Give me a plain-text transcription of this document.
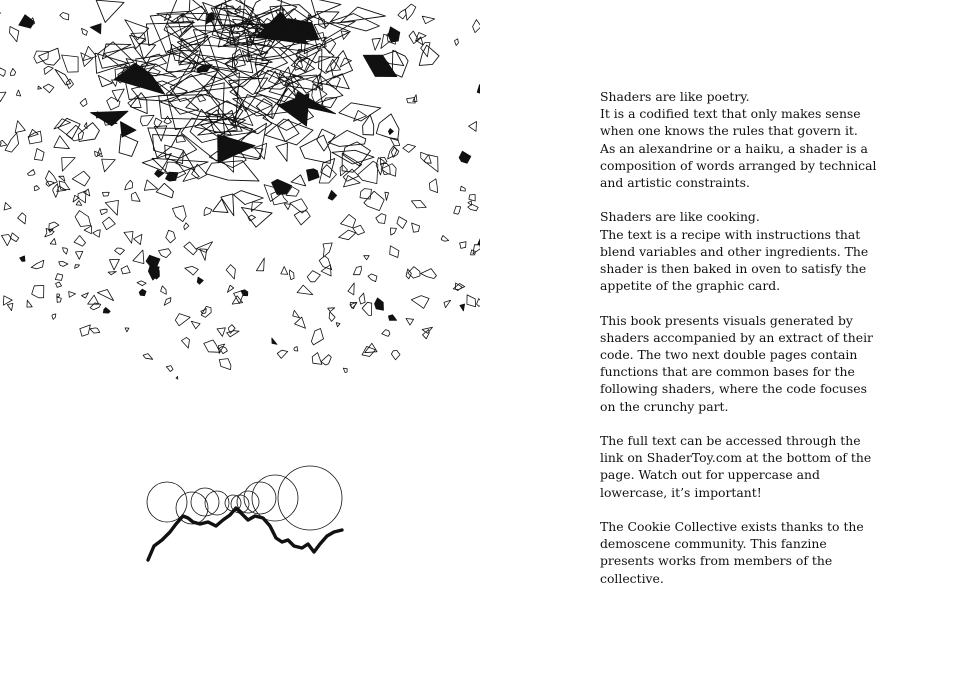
Shaders are like poetry.
It is a codified text that only makes sense
when one knows the rules that govern it.
As an alexandrine or a haiku, a shader is a
composition of words arranged by technical
and artistic constraints.

Shaders are like cooking.
The text is a recipe with instructions that
blend variables and other ingredients. The
shader is then baked in oven to satisfy the
appetite of the graphic card.

This book presents visuals generated by
shaders accompanied by an extract of their
code. The two next double pages contain
functions that are common bases for the
following shaders, where the code focuses
on the crunchy part.

The full text can be accessed through the
link on ShaderToy.com at the bottom of the
page. Watch out for uppercase and
lowercase, it’s important!

The Cookie Collective exists thanks to the
demoscene community. This fanzine
presents works from members of the
collective.
